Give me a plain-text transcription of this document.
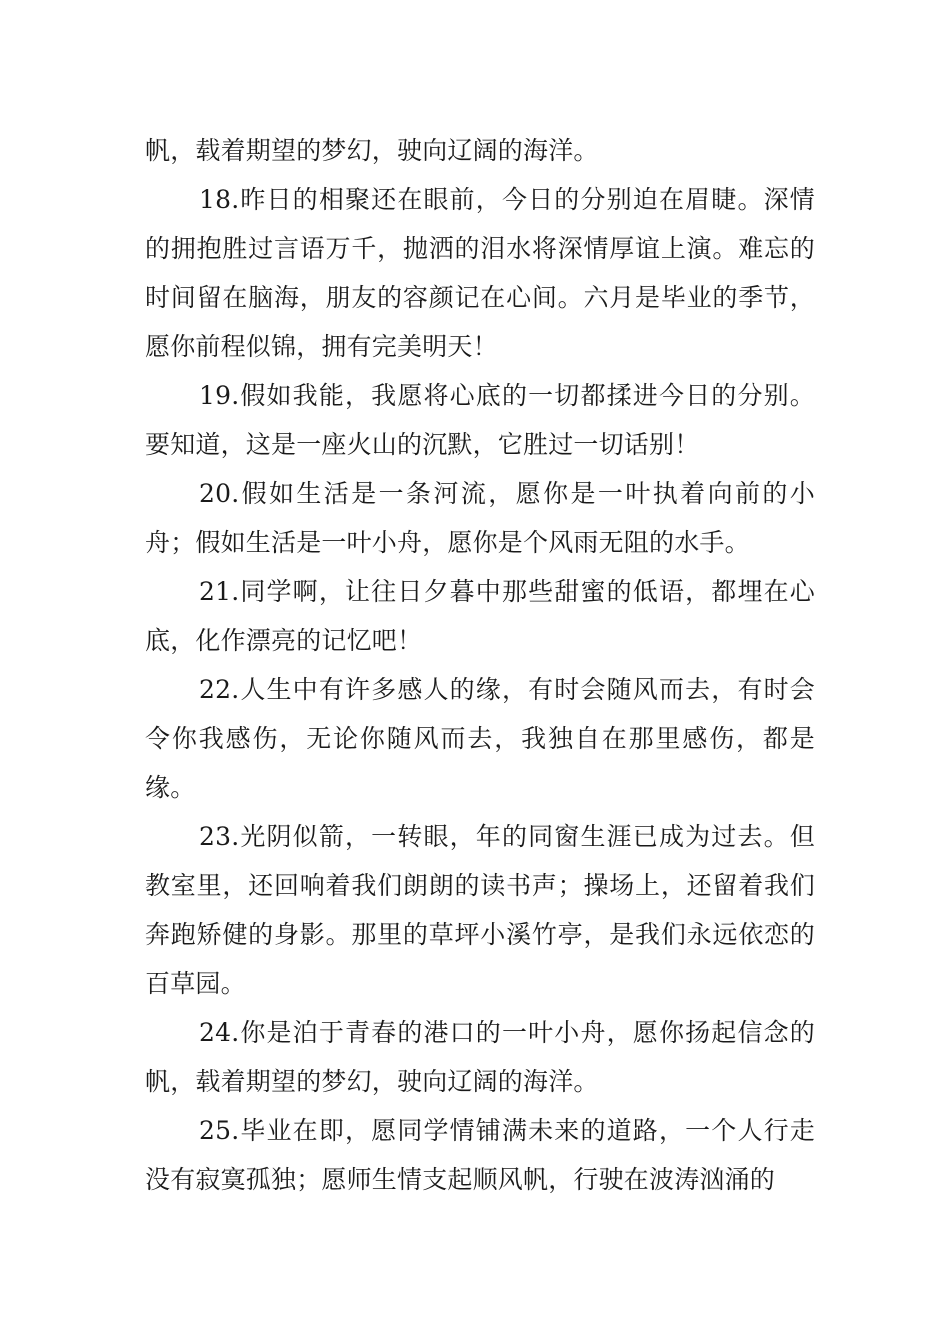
帆，载着期望的梦幻，驶向辽阔的海洋。

18.昨日的相聚还在眼前，今日的分别迫在眉睫。深情的拥抱胜过言语万千，抛洒的泪水将深情厚谊上演。难忘的时间留在脑海，朋友的容颜记在心间。六月是毕业的季节，愿你前程似锦，拥有完美明天！

19.假如我能，我愿将心底的一切都揉进今日的分别。要知道，这是一座火山的沉默，它胜过一切话别！

20.假如生活是一条河流，愿你是一叶执着向前的小舟；假如生活是一叶小舟，愿你是个风雨无阻的水手。

21.同学啊，让往日夕暮中那些甜蜜的低语，都埋在心底，化作漂亮的记忆吧！

22.人生中有许多感人的缘，有时会随风而去，有时会令你我感伤，无论你随风而去，我独自在那里感伤，都是缘。

23.光阴似箭，一转眼，年的同窗生涯已成为过去。但教室里，还回响着我们朗朗的读书声；操场上，还留着我们奔跑矫健的身影。那里的草坪小溪竹亭，是我们永远依恋的百草园。

24.你是泊于青春的港口的一叶小舟，愿你扬起信念的帆，载着期望的梦幻，驶向辽阔的海洋。

25.毕业在即，愿同学情铺满未来的道路，一个人行走没有寂寞孤独；愿师生情支起顺风帆，行驶在波涛汹涌的
